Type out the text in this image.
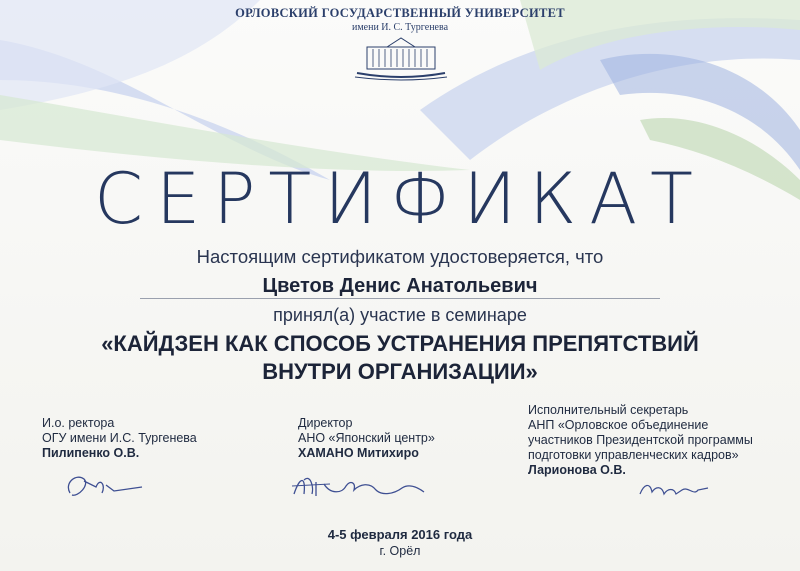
ОРЛОВСКИЙ ГОСУДАРСТВЕННЫЙ УНИВЕРСИТЕТ
имени И. С. Тургенева
СЕРТИФИКАТ
Настоящим сертификатом удостоверяется, что
Цветов Денис Анатольевич
принял(а) участие в семинаре
«КАЙДЗЕН КАК СПОСОБ УСТРАНЕНИЯ ПРЕПЯТСТВИЙ
ВНУТРИ ОРГАНИЗАЦИИ»
И.о. ректора
ОГУ имени И.С. Тургенева
Пилипенко О.В.
Директор
АНО «Японский центр»
ХАМАНО Митихиро
Исполнительный секретарь
АНП «Орловское объединение
участников Президентской программы
подготовки управленческих кадров»
Ларионова О.В.
4-5 февраля 2016 года
г. Орёл
